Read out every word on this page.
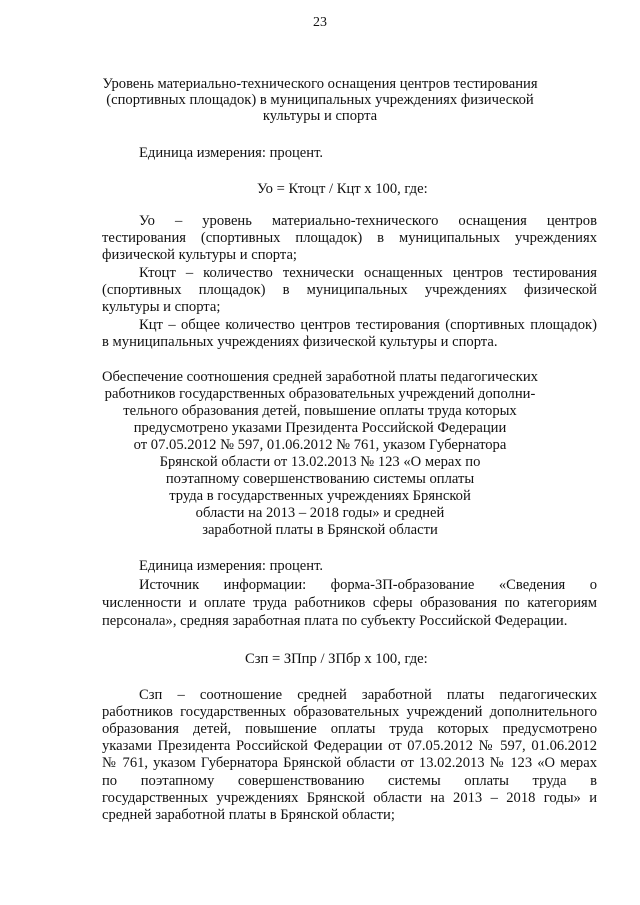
23
Уровень материально-технического оснащения центров тестирования
(спортивных площадок) в муниципальных учреждениях физической
культуры и спорта
Единица измерения: процент.
Уо = Ктоцт / Кцт х 100, где:
Уо – уровень материально-технического оснащения центров
тестирования (спортивных площадок) в муниципальных учреждениях
физической культуры и спорта;
Ктоцт – количество технически оснащенных центров тестирования
(спортивных площадок) в муниципальных учреждениях физической
культуры и спорта;
Кцт – общее количество центров тестирования (спортивных площадок)
в муниципальных учреждениях физической культуры и спорта.
Обеспечение соотношения средней заработной платы педагогических
работников государственных образовательных учреждений дополни-
тельного образования детей, повышение оплаты труда которых
предусмотрено указами Президента Российской Федерации
от 07.05.2012 № 597, 01.06.2012 № 761, указом Губернатора
Брянской области от 13.02.2013 № 123 «О мерах по
поэтапному совершенствованию системы оплаты
труда в государственных учреждениях Брянской
области на 2013 – 2018 годы» и средней
заработной платы в Брянской области
Единица измерения: процент.
Источник информации: форма-ЗП-образование «Сведения о
численности и оплате труда работников сферы образования по категориям
персонала», средняя заработная плата по субъекту Российской Федерации.
Сзп = ЗПпр / ЗПбр х 100, где:
Сзп – соотношение средней заработной платы педагогических
работников государственных образовательных учреждений дополнительного
образования детей, повышение оплаты труда которых предусмотрено
указами Президента Российской Федерации от 07.05.2012 № 597, 01.06.2012
№ 761, указом Губернатора Брянской области от 13.02.2013 № 123 «О мерах
по поэтапному совершенствованию системы оплаты труда в
государственных учреждениях Брянской области на 2013 – 2018 годы» и
средней заработной платы в Брянской области;
